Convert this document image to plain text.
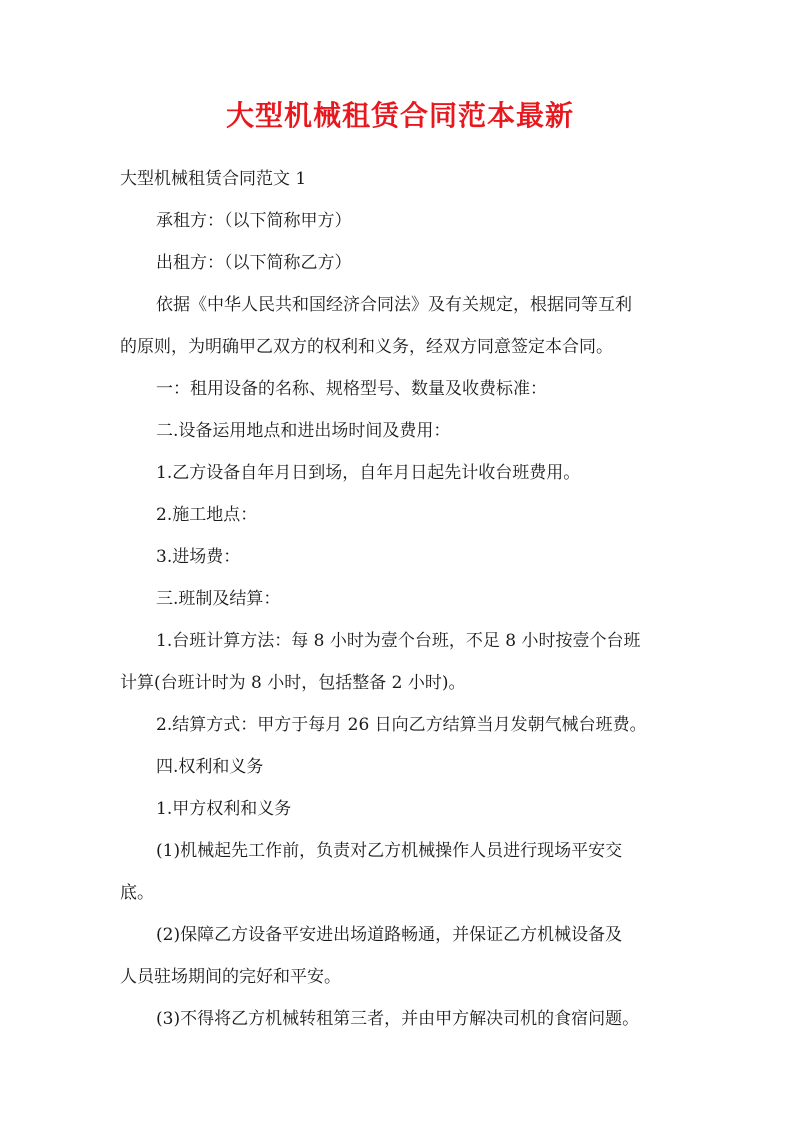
大型机械租赁合同范本最新
大型机械租赁合同范文 1
承租方：（以下简称甲方）
出租方：（以下简称乙方）
依据《中华人民共和国经济合同法》及有关规定，根据同等互利
的原则，为明确甲乙双方的权利和义务，经双方同意签定本合同。
一：租用设备的名称、规格型号、数量及收费标准：
二.设备运用地点和进出场时间及费用：
1.乙方设备自年月日到场，自年月日起先计收台班费用。
2.施工地点：
3.进场费：
三.班制及结算：
1.台班计算方法：每 8 小时为壹个台班，不足 8 小时按壹个台班
计算(台班计时为 8 小时，包括整备 2 小时)。
2.结算方式：甲方于每月 26 日向乙方结算当月发朝气械台班费。
四.权利和义务
1.甲方权利和义务
(1)机械起先工作前，负责对乙方机械操作人员进行现场平安交
底。
(2)保障乙方设备平安进出场道路畅通，并保证乙方机械设备及
人员驻场期间的完好和平安。
(3)不得将乙方机械转租第三者，并由甲方解决司机的食宿问题。
